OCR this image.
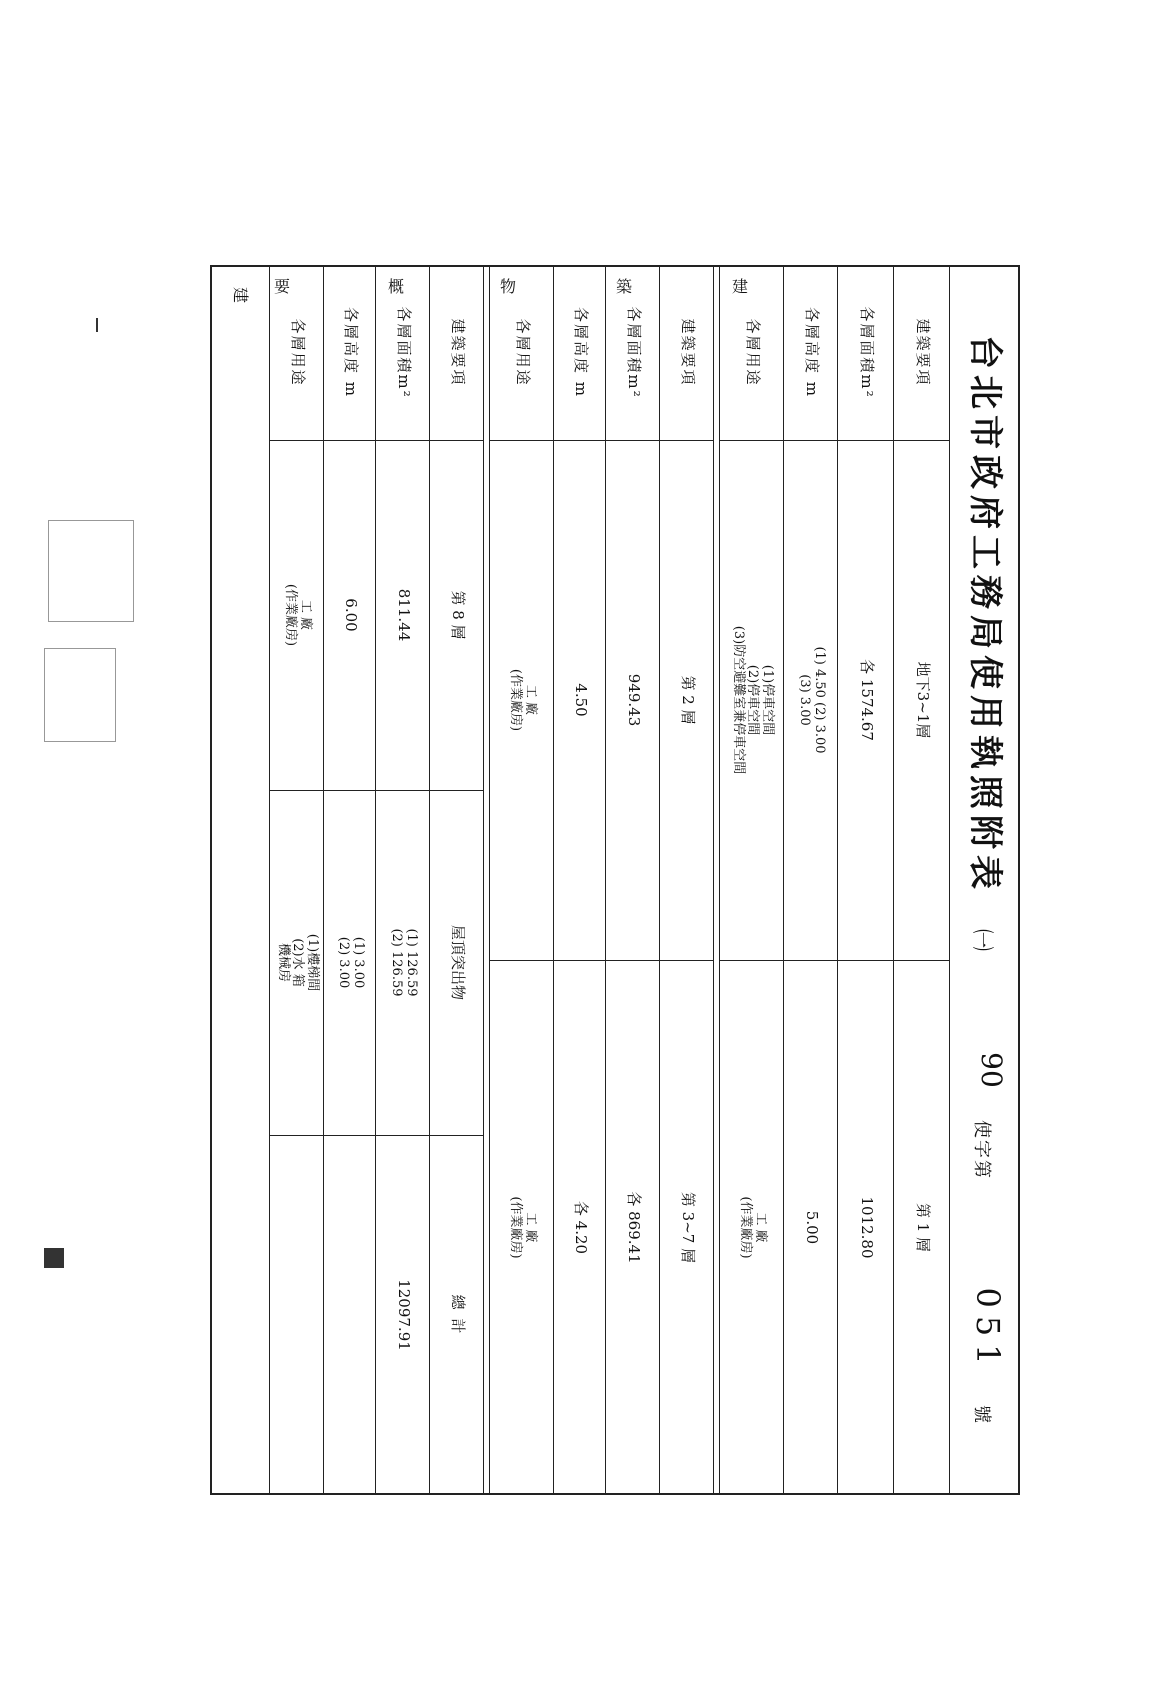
台北市政府工務局使用執照附表
㈠
90
使字第
051
號
建
建築要項
各層面積m²
各層高度 m
各層用途
地下3~1層
各 1574.67
(1) 4.50 (2) 3.00
(3) 3.00
(1)停車空間
(2)停車空間
(3)防空避難室兼停車空間
第 1 層
1012.80
5.00
工 廠
(作業廠房)
建築要項
各層面積m²
各層高度 m
各層用途
第 2 層
949.43
4.50
工 廠
(作業廠房)
第 3~7 層
各 869.41
各 4.20
工 廠
(作業廠房)
建築要項
各層面積m²
各層高度 m
各層用途
第 8 層
811.44
6.00
工 廠
(作業廠房)
屋頂突出物
(1) 126.59
(2) 126.59
(1) 3.00
(2) 3.00
(1)樓梯間
(2)水 箱
機械房
總 計
12097.91
建
築
物
概
要
